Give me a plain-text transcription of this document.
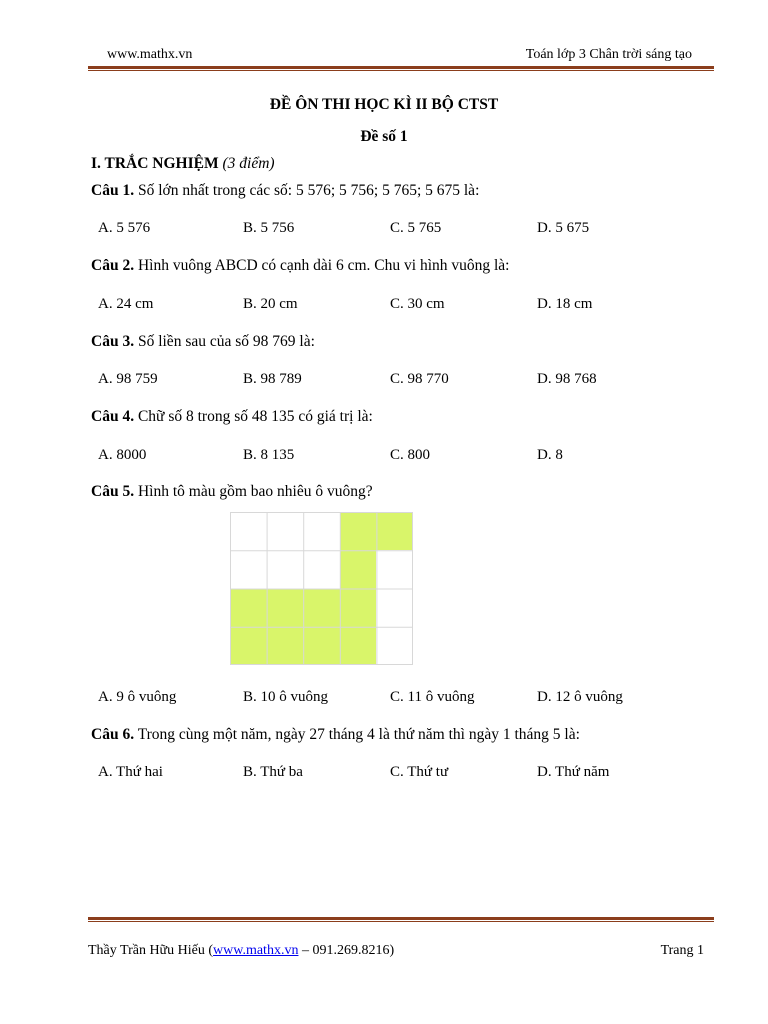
www.mathx.vn	Toán lớp 3 Chân trời sáng tạo
ĐỀ ÔN THI HỌC KÌ II BỘ CTST
Đề số 1
I. TRẮC NGHIỆM (3 điểm)
Câu 1. Số lớn nhất trong các số: 5 576; 5 756; 5 765; 5 675 là:
A. 5 576	B. 5 756	C. 5 765	D. 5 675
Câu 2. Hình vuông ABCD có cạnh dài 6 cm. Chu vi hình vuông là:
A. 24 cm	B. 20 cm	C. 30 cm	D. 18 cm
Câu 3. Số liền sau của số 98 769 là:
A. 98 759	B. 98 789	C. 98 770	D. 98 768
Câu 4. Chữ số 8 trong số 48 135 có giá trị là:
A. 8000	B. 8 135	C. 800	D. 8
Câu 5. Hình tô màu gồm bao nhiêu ô vuông?
A. 9 ô vuông	B. 10 ô vuông	C. 11 ô vuông	D. 12 ô vuông
Câu 6. Trong cùng một năm, ngày 27 tháng 4 là thứ năm thì ngày 1 tháng 5 là:
A. Thứ hai	B. Thứ ba	C. Thứ tư	D. Thứ năm
Thầy Trần Hữu Hiếu (www.mathx.vn – 091.269.8216)	Trang 1
